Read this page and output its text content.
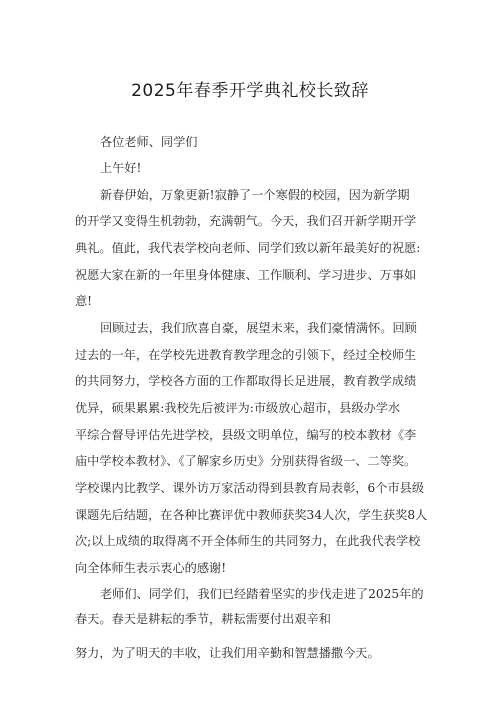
2025年春季开学典礼校长致辞
各位老师、同学们
上午好!
新春伊始，万象更新!寂静了一个寒假的校园，因为新学期
的开学又变得生机勃勃，充满朝气。今天，我们召开新学期开学
典礼。值此，我代表学校向老师、同学们致以新年最美好的祝愿:
祝愿大家在新的一年里身体健康、工作顺利、学习进步、万事如
意!
回顾过去，我们欣喜自豪，展望未来，我们豪情满怀。回顾
过去的一年，在学校先进教育教学理念的引领下，经过全校师生
的共同努力，学校各方面的工作都取得长足进展，教育教学成绩
优异，硕果累累:我校先后被评为:市级放心超市，县级办学水
平综合督导评估先进学校，县级文明单位，编写的校本教材《李
庙中学校本教材》、《了解家乡历史》分别获得省级一、二等奖。
学校课内比教学、课外访万家活动得到县教育局表彰，6个市县级
课题先后结题，在各种比赛评优中教师获奖34人次，学生获奖8人
次;以上成绩的取得离不开全体师生的共同努力，在此我代表学校
向全体师生表示衷心的感谢!
老师们、同学们，我们已经踏着坚实的步伐走进了2025年的
春天。春天是耕耘的季节，耕耘需要付出艰辛和
努力，为了明天的丰收，让我们用辛勤和智慧播撒今天。
